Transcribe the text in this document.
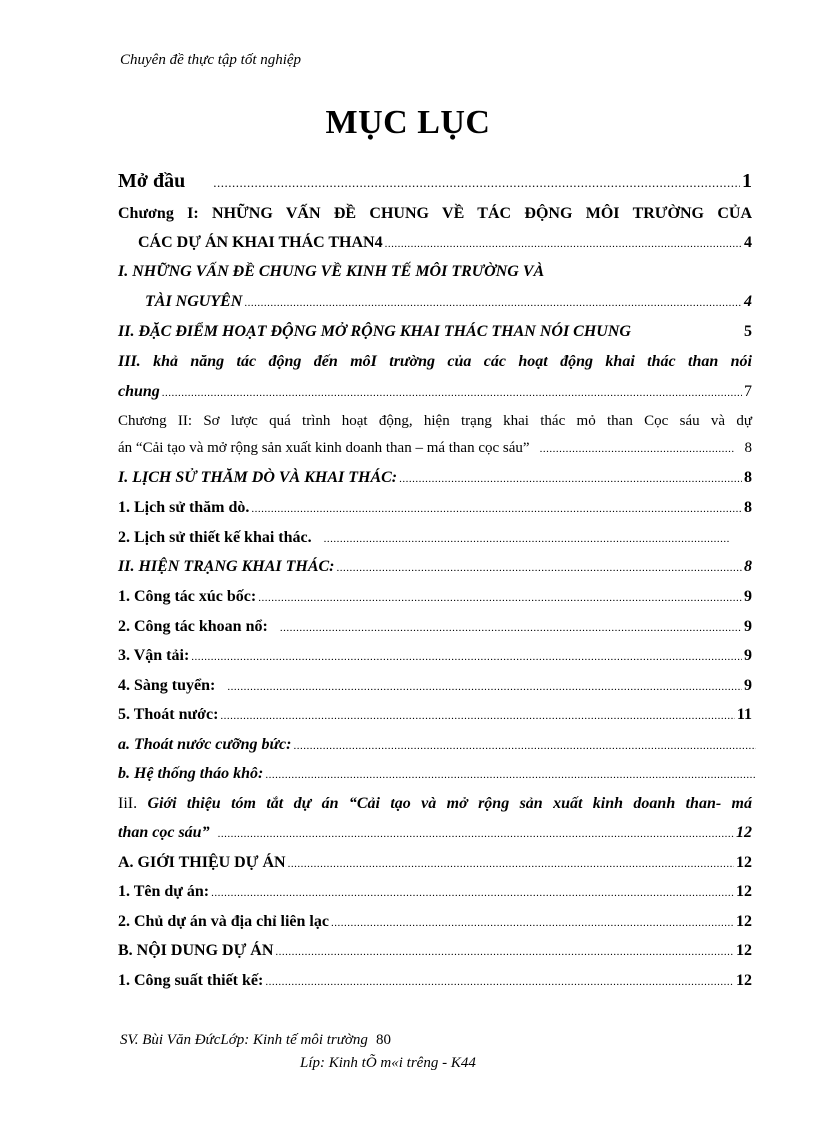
Chuyên đề thực tập tốt nghiệp
MỤC LỤC
Mở đầu .....	1
Chương I: NHỮNG VẤN ĐỀ CHUNG VỀ TÁC ĐỘNG MÔI TRƯỜNG CỦA
CÁC DỰ ÁN KHAI THÁC THAN4 .....	4
I. NHỮNG VẤN ĐỀ CHUNG VỀ KINH TẾ MÔI TRƯỜNG VÀ
TÀI NGUYÊN .....	4
II. ĐẶC ĐIỂM HOẠT ĐỘNG MỞ RỘNG KHAI THÁC THAN NÓI CHUNG	5
III. khả năng tác động đến môI trường của các hoạt động khai thác than nói
chung .....	7
Chương II: Sơ lược quá trình hoạt động, hiện trạng khai thác mỏ than Cọc sáu và dự
án “Cải tạo và mở rộng sản xuất kinh doanh than – má than cọc sáu” .....	8
I. LỊCH SỬ THĂM DÒ VÀ KHAI THÁC: .....	8
1. Lịch sử thăm dò. .....	8
2. Lịch sử thiết kế khai thác.
.....
II. HIỆN TRẠNG KHAI THÁC: .....	8
1. Công tác xúc bốc: .....	9
2. Công tác khoan nổ: .....	9
3. Vận tải: .....	9
4. Sàng tuyển: .....	9
5. Thoát nước: .....	11
a. Thoát nước cưỡng bức:
.....
b. Hệ thống tháo khô:
.....
IiI. Giới thiệu tóm tắt dự án “Cải tạo và mở rộng sản xuất kinh doanh than- má
than cọc sáu” .....	12
A. GIỚI THIỆU DỰ ÁN .....	12
1. Tên dự án: .....	12
2. Chủ dự án và địa chỉ liên lạc .....	12
B. NỘI DUNG DỰ ÁN .....	12
1. Công suất thiết kế: .....	12
SV. Bùi Văn ĐứcLớp: Kinh tế môi trường 80
Líp: Kinh tÕ m«i trêng - K44
